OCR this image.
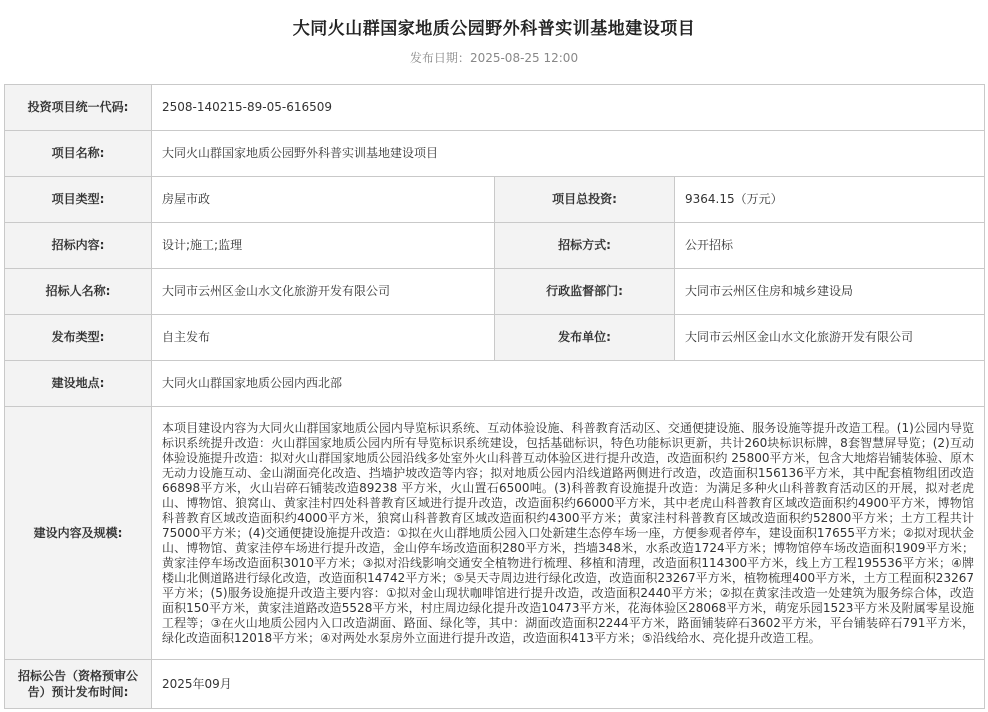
大同火山群国家地质公园野外科普实训基地建设项目
发布日期：2025-08-25 12:00
投资项目统一代码:	2508-140215-89-05-616509		
项目名称:	大同火山群国家地质公园野外科普实训基地建设项目		
项目类型:	房屋市政	项目总投资:	9364.15（万元）
招标内容:	设计;施工;监理	招标方式:	公开招标
招标人名称:	大同市云州区金山水文化旅游开发有限公司	行政监督部门:	大同市云州区住房和城乡建设局
发布类型:	自主发布	发布单位:	大同市云州区金山水文化旅游开发有限公司
建设地点:	大同火山群国家地质公园内西北部		
建设内容及规模:	本项目建设内容为大同火山群国家地质公园内导览标识系统、互动体验设施、科普教育活动区、交通便捷设施、服务设施等提升改造工程。(1)公园内导览标识系统提升改造：火山群国家地质公园内所有导览标识系统建设，包括基础标识，特色功能标识更新，共计260块标识标牌，8套智慧屏导览；(2)互动体验设施提升改造：拟对火山群国家地质公园沿线多处室外火山科普互动体验区进行提升改造，改造面积约 25800平方米，包含大地熔岩铺装体验、原木无动力设施互动、金山湖面亮化改造、挡墙护坡改造等内容；拟对地质公园内沿线道路两侧进行改造，改造面积156136平方米，其中配套植物组团改造66898平方米，火山岩碎石铺装改造89238 平方米，火山置石6500吨。(3)科普教育设施提升改造：为满足多种火山科普教育活动区的开展，拟对老虎山、博物馆、狼窝山、黄家洼村四处科普教育区域进行提升改造，改造面积约66000平方米，其中老虎山科普教育区域改造面积约4900平方米，博物馆科普教育区域改造面积约4000平方米，狼窝山科普教育区域改造面积约4300平方米；黄家洼村科普教育区域改造面积约52800平方米；土方工程共计75000平方米；(4)交通便捷设施提升改造：①拟在火山群地质公园入口处新建生态停车场一座，方便参观者停车，建设面积17655平方米；②拟对现状金山、博物馆、黄家洼停车场进行提升改造，金山停车场改造面积280平方米，挡墙348米，水系改造1724平方米；博物馆停车场改造面积1909平方米；黄家洼停车场改造面积3010平方米；③拟对沿线影响交通安全植物进行梳理、移植和清理，改造面积114300平方米，线上方工程195536平方米；④牌楼山北侧道路进行绿化改造，改造面积14742平方米；⑤昊天寺周边进行绿化改造，改造面积23267平方米，植物梳理400平方米，土方工程面积23267平方米；(5)服务设施提升改造主要内容：①拟对金山现状咖啡馆进行提升改造，改造面积2440平方米；②拟在黄家洼改造一处建筑为服务综合体，改造面积150平方米，黄家洼道路改造5528平方米，村庄周边绿化提升改造10473平方米，花海体验区28068平方米，萌宠乐园1523平方米及附属零星设施工程等；③在火山地质公园内入口改造湖面、路面、绿化等，其中：湖面改造面积2244平方米，路面铺装碎石3602平方米，平台铺装碎石791平方米，绿化改造面积12018平方米；④对两处水泵房外立面进行提升改造，改造面积413平方米；⑤沿线给水、亮化提升改造工程。		
招标公告（资格预审公告）预计发布时间:	2025年09月		
